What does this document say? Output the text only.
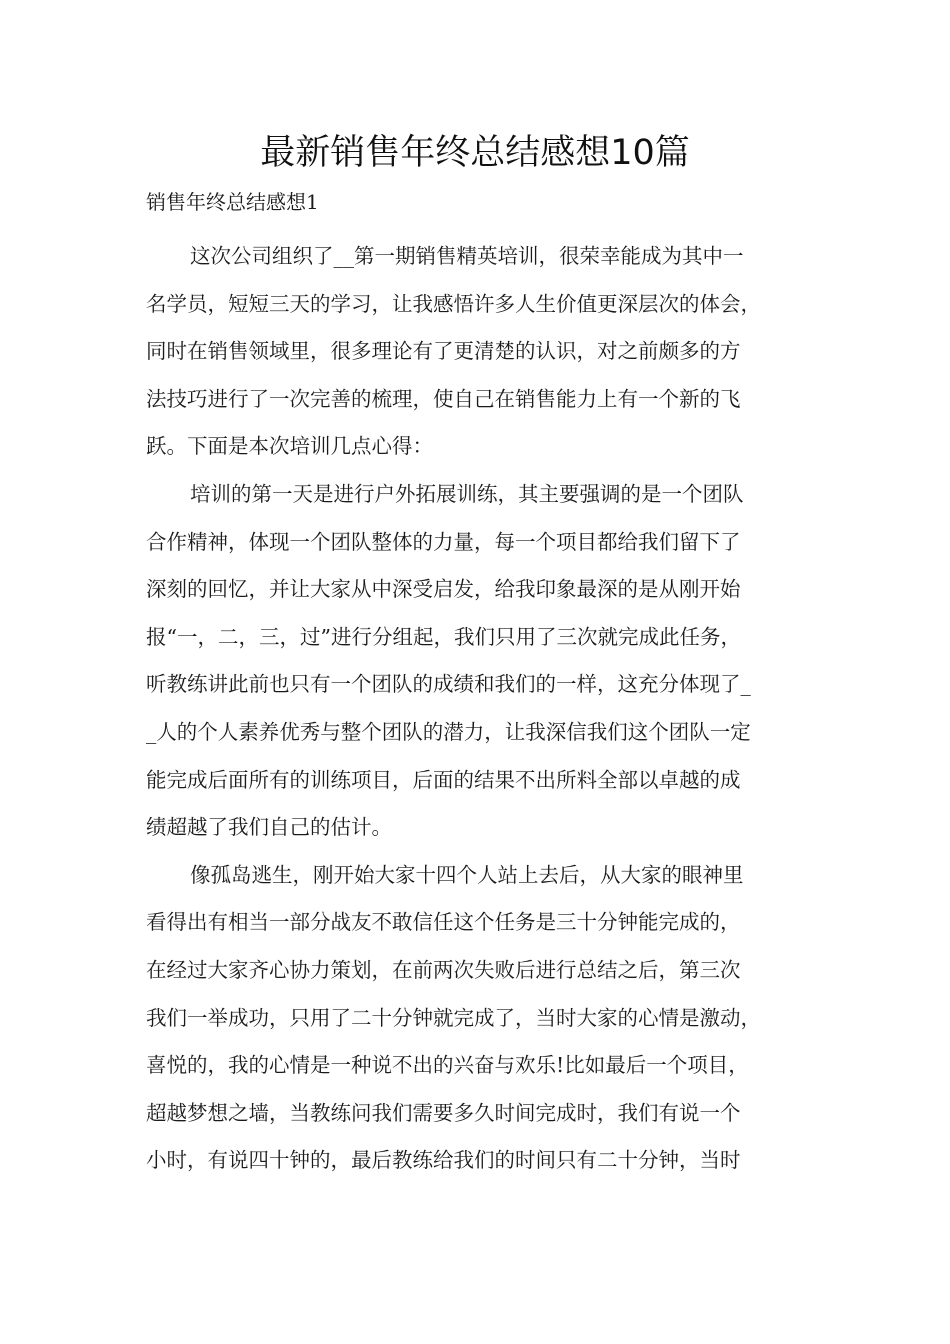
最新销售年终总结感想10篇

销售年终总结感想1

这次公司组织了__第一期销售精英培训，很荣幸能成为其中一
名学员，短短三天的学习，让我感悟许多人生价值更深层次的体会，
同时在销售领域里，很多理论有了更清楚的认识，对之前颇多的方
法技巧进行了一次完善的梳理，使自己在销售能力上有一个新的飞
跃。下面是本次培训几点心得：

培训的第一天是进行户外拓展训练，其主要强调的是一个团队
合作精神，体现一个团队整体的力量，每一个项目都给我们留下了
深刻的回忆，并让大家从中深受启发，给我印象最深的是从刚开始
报“一，二，三，过”进行分组起，我们只用了三次就完成此任务，
听教练讲此前也只有一个团队的成绩和我们的一样，这充分体现了_
_人的个人素养优秀与整个团队的潜力，让我深信我们这个团队一定
能完成后面所有的训练项目，后面的结果不出所料全部以卓越的成
绩超越了我们自己的估计。

像孤岛逃生，刚开始大家十四个人站上去后，从大家的眼神里
看得出有相当一部分战友不敢信任这个任务是三十分钟能完成的，
在经过大家齐心协力策划，在前两次失败后进行总结之后，第三次
我们一举成功，只用了二十分钟就完成了，当时大家的心情是激动，
喜悦的，我的心情是一种说不出的兴奋与欢乐!比如最后一个项目，
超越梦想之墙，当教练问我们需要多久时间完成时，我们有说一个
小时，有说四十钟的，最后教练给我们的时间只有二十分钟，当时
